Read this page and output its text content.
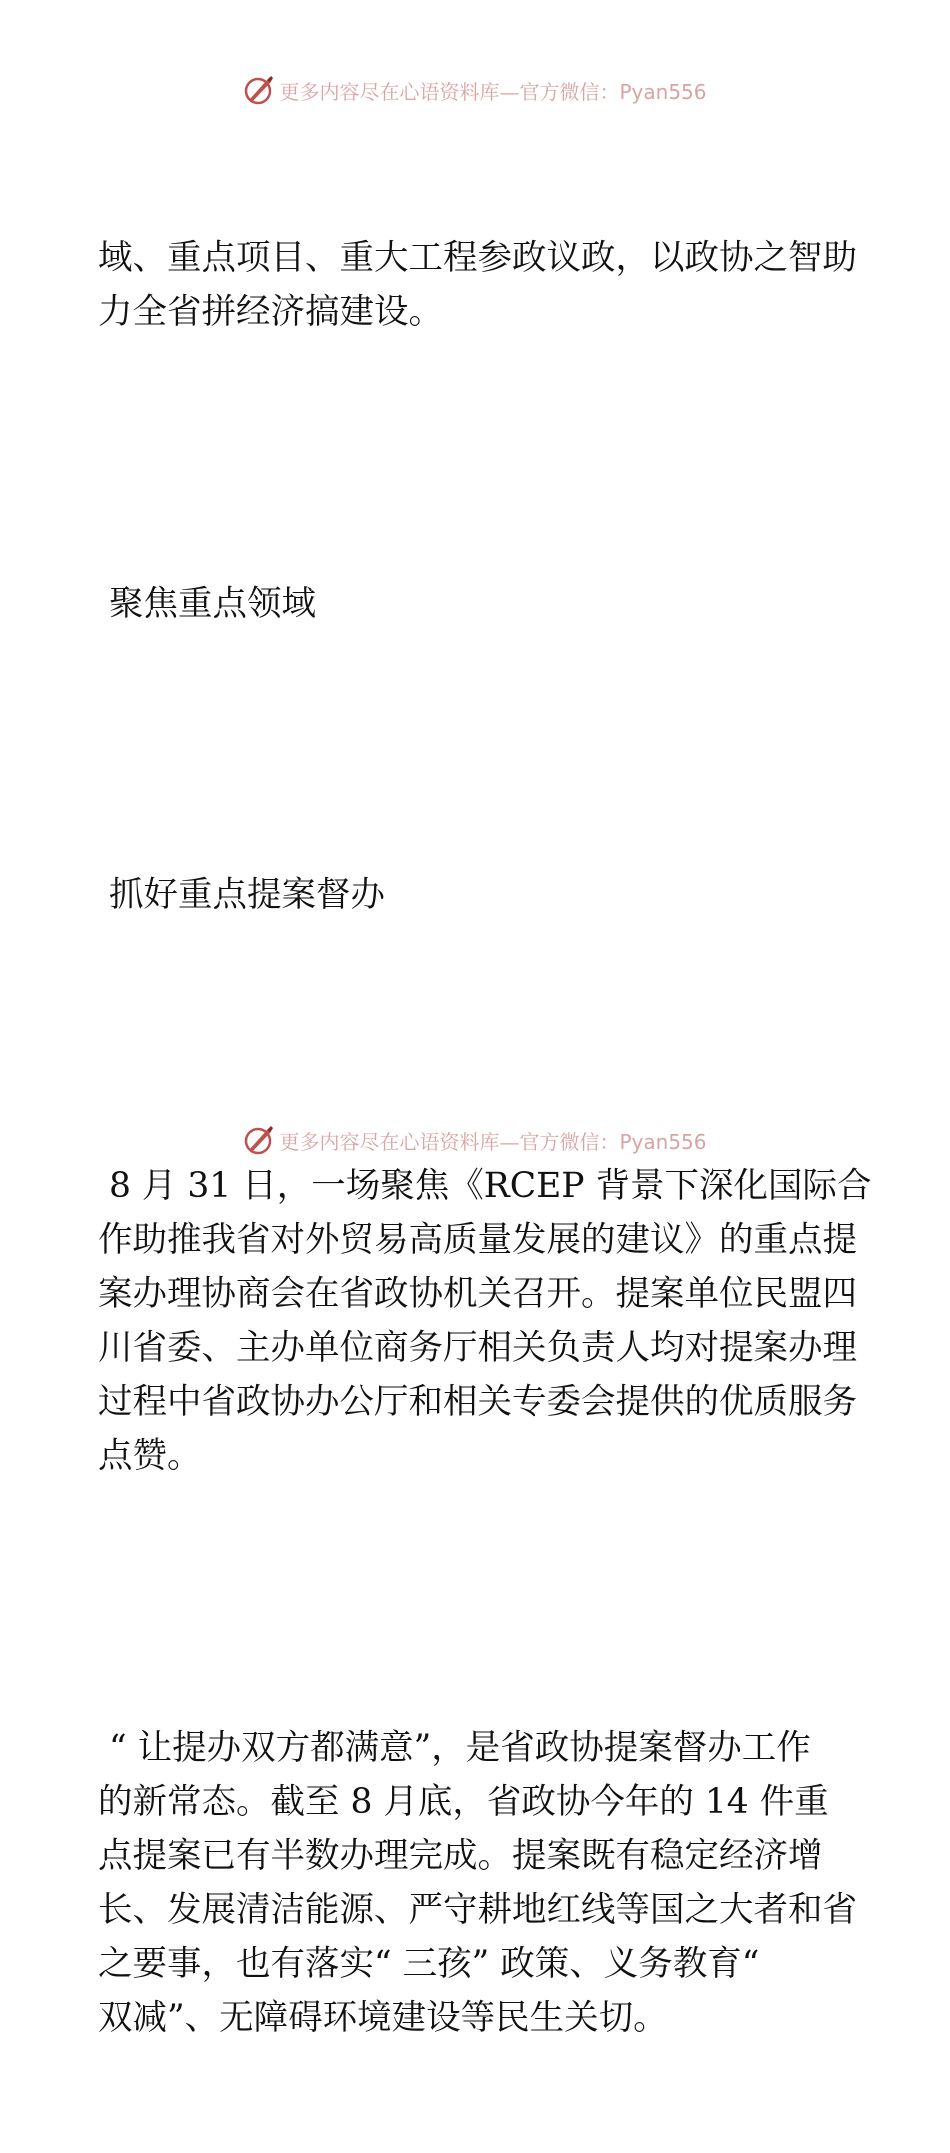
更多内容尽在心语资料库—官方微信：Pyan556

域、重点项目、重大工程参政议政，以政协之智助
力全省拼经济搞建设。

聚焦重点领域

抓好重点提案督办

8 月 31 日，一场聚焦《RCEP 背景下深化国际合
作助推我省对外贸易高质量发展的建议》的重点提
案办理协商会在省政协机关召开。提案单位民盟四
川省委、主办单位商务厅相关负责人均对提案办理
过程中省政协办公厅和相关专委会提供的优质服务
点赞。

“ 让提办双方都满意”，是省政协提案督办工作
的新常态。截至 8 月底，省政协今年的 14 件重
点提案已有半数办理完成。提案既有稳定经济增
长、发展清洁能源、严守耕地红线等国之大者和省
之要事，也有落实“ 三孩” 政策、义务教育“
双减”、无障碍环境建设等民生关切。

更多内容尽在心语资料库—官方微信：Pyan556
